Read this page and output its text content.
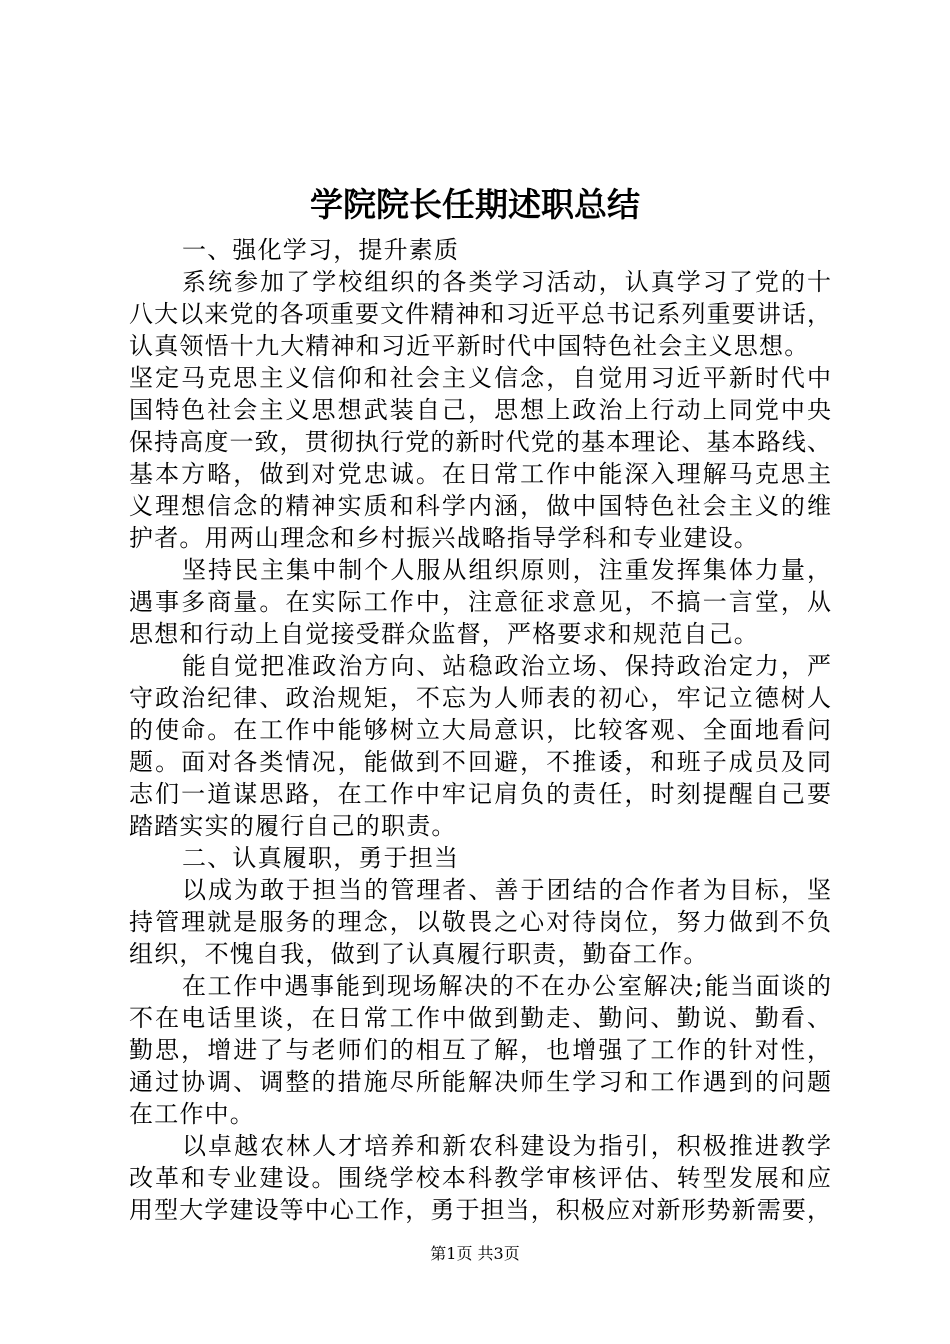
学院院长任期述职总结
一、强化学习，提升素质
系统参加了学校组织的各类学习活动，认真学习了党的十
八大以来党的各项重要文件精神和习近平总书记系列重要讲话，
认真领悟十九大精神和习近平新时代中国特色社会主义思想。
坚定马克思主义信仰和社会主义信念，自觉用习近平新时代中
国特色社会主义思想武装自己，思想上政治上行动上同党中央
保持高度一致，贯彻执行党的新时代党的基本理论、基本路线、
基本方略，做到对党忠诚。在日常工作中能深入理解马克思主
义理想信念的精神实质和科学内涵，做中国特色社会主义的维
护者。用两山理念和乡村振兴战略指导学科和专业建设。
坚持民主集中制个人服从组织原则，注重发挥集体力量，
遇事多商量。在实际工作中，注意征求意见，不搞一言堂，从
思想和行动上自觉接受群众监督，严格要求和规范自己。
能自觉把准政治方向、站稳政治立场、保持政治定力，严
守政治纪律、政治规矩，不忘为人师表的初心，牢记立德树人
的使命。在工作中能够树立大局意识，比较客观、全面地看问
题。面对各类情况，能做到不回避，不推诿，和班子成员及同
志们一道谋思路，在工作中牢记肩负的责任，时刻提醒自己要
踏踏实实的履行自己的职责。
二、认真履职，勇于担当
以成为敢于担当的管理者、善于团结的合作者为目标，坚
持管理就是服务的理念，以敬畏之心对待岗位，努力做到不负
组织，不愧自我，做到了认真履行职责，勤奋工作。
在工作中遇事能到现场解决的不在办公室解决;能当面谈的
不在电话里谈，在日常工作中做到勤走、勤问、勤说、勤看、
勤思，增进了与老师们的相互了解，也增强了工作的针对性，
通过协调、调整的措施尽所能解决师生学习和工作遇到的问题
在工作中。
以卓越农林人才培养和新农科建设为指引，积极推进教学
改革和专业建设。围绕学校本科教学审核评估、转型发展和应
用型大学建设等中心工作，勇于担当，积极应对新形势新需要，
第1页 共3页
